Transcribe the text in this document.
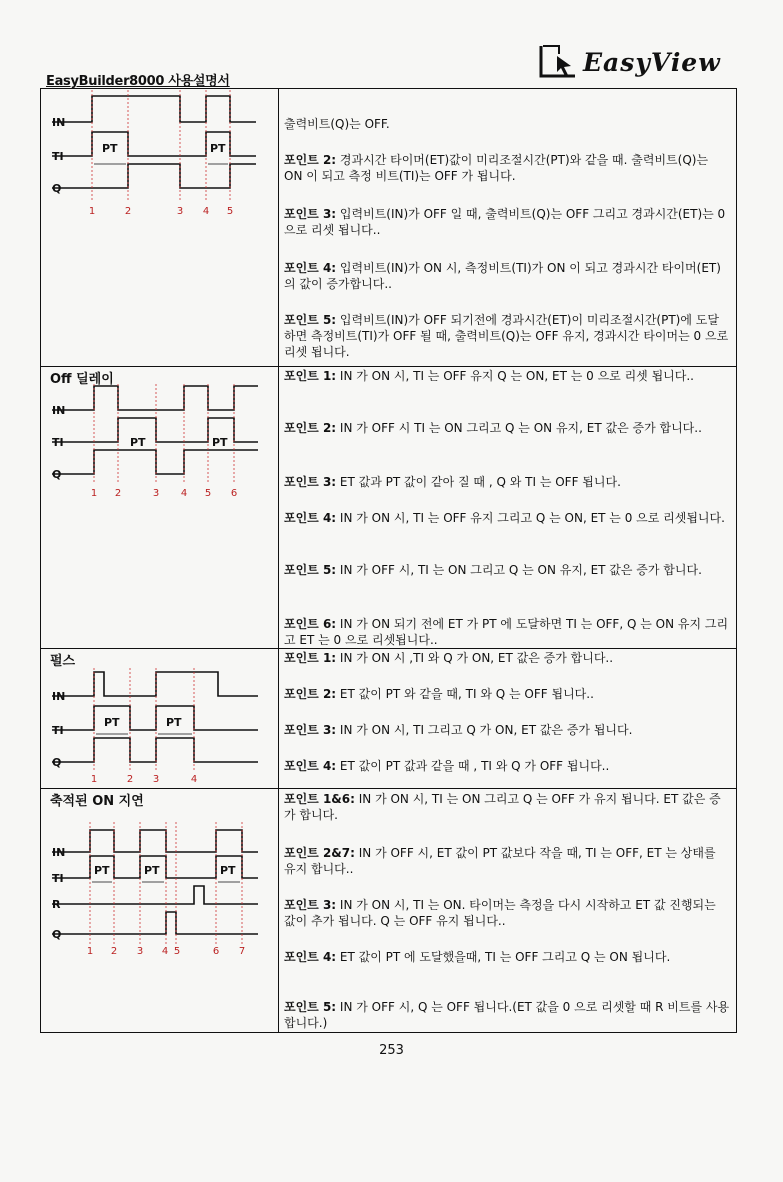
EasyBuilder8000 사용설명서
EasyView
IN
TI
Q
PT	PT
1	2	3 4 5
출력비트(Q)는 OFF.
포인트 2: 경과시간 타이머(ET)값이 미리조절시간(PT)와 같을 때. 출력비트(Q)는 ON 이 되고 측정 비트(TI)는 OFF 가 됩니다.
포인트 3: 입력비트(IN)가 OFF 일 때, 출력비트(Q)는 OFF 그리고 경과시간(ET)는 0 으로 리셋 됩니다..
포인트 4: 입력비트(IN)가 ON 시, 측정비트(TI)가 ON 이 되고 경과시간 타이머(ET)의 값이 증가합니다..
포인트 5: 입력비트(IN)가 OFF 되기전에 경과시간(ET)이 미리조절시간(PT)에 도달 하면 측정비트(TI)가 OFF 될 때, 출력비트(Q)는 OFF 유지, 경과시간 타이머는 0 으로 리셋 됩니다.
Off 딜레이
IN
TI
Q
PT	PT
1 2	3 4 5 6
포인트 1: IN 가 ON 시, TI 는 OFF 유지 Q 는 ON, ET 는 0 으로 리셋 됩니다..
포인트 2: IN 가 OFF 시 TI 는 ON 그리고 Q 는 ON 유지, ET 값은 증가 합니다..
포인트 3: ET 값과 PT 값이 같아 질 때 , Q 와 TI 는 OFF 됩니다.
포인트 4: IN 가 ON 시, TI 는 OFF 유지 그리고 Q 는 ON, ET 는 0 으로 리셋됩니다.
포인트 5: IN 가 OFF 시, TI 는 ON 그리고 Q 는 ON 유지, ET 값은 증가 합니다.
포인트 6: IN 가 ON 되기 전에 ET 가 PT 에 도달하면 TI 는 OFF, Q 는 ON 유지 그리고 ET 는 0 으로 리셋됩니다..
펄스
IN
TI
Q
PT	PT
1	2 3	4
포인트 1: IN 가 ON 시 ,TI 와 Q 가 ON, ET 값은 증가 합니다..
포인트 2: ET 값이 PT 와 같을 때, TI 와 Q 는 OFF 됩니다..
포인트 3: IN 가 ON 시, TI 그리고 Q 가 ON, ET 값은 증가 됩니다.
포인트 4: ET 값이 PT 값과 같을 때 , TI 와 Q 가 OFF 됩니다..
축적된 ON 지연
IN
TI
R
Q
PT	PT	PT
1 2 3 4 5	6 7
포인트 1&6: IN 가 ON 시, TI 는 ON 그리고 Q 는 OFF 가 유지 됩니다. ET 값은 증가 합니다.
포인트 2&7: IN 가 OFF 시, ET 값이 PT 값보다 작을 때, TI 는 OFF, ET 는 상태를 유지 합니다..
포인트 3: IN 가 ON 시, TI 는 ON. 타이머는 측정을 다시 시작하고 ET 값 진행되는 값이 추가 됩니다. Q 는 OFF 유지 됩니다..
포인트 4: ET 값이 PT 에 도달했을때, TI 는 OFF 그리고 Q 는 ON 됩니다.
포인트 5: IN 가 OFF 시, Q 는 OFF 됩니다.(ET 값을 0 으로 리셋할 때 R 비트를 사용합니다.)
253
